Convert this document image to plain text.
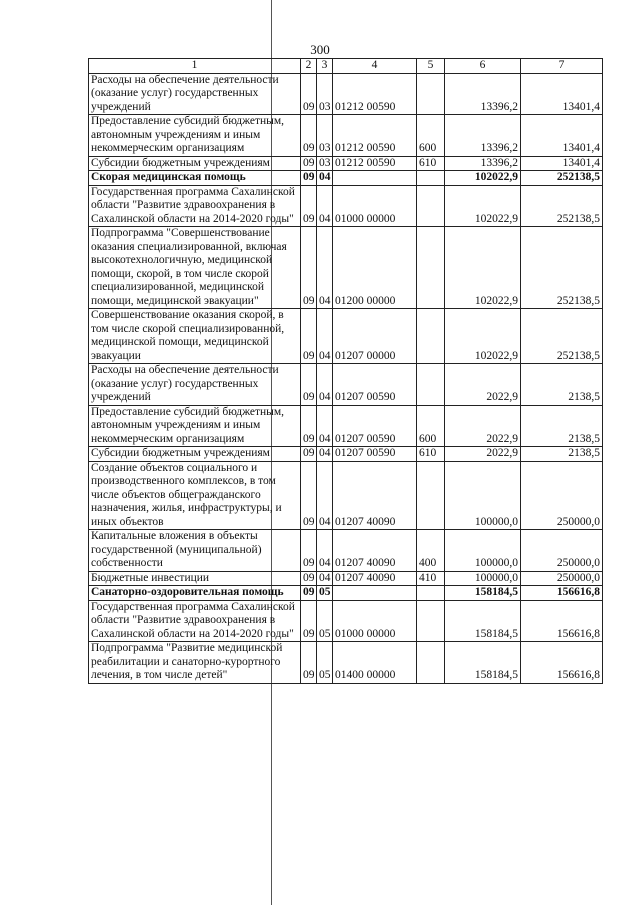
300
1	2	3	4	5	6	7
Расходы на обеспечение деятельности (оказание услуг) государственных учреждений	09	03	01212 00590		13396,2	13401,4
Предоставление субсидий бюджетным, автономным учреждениям и иным некоммерческим организациям	09	03	01212 00590	600	13396,2	13401,4
Субсидии бюджетным учреждениям	09	03	01212 00590	610	13396,2	13401,4
Скорая медицинская помощь	09	04			102022,9	252138,5
Государственная программа Сахалинской области "Развитие здравоохранения в Сахалинской области на 2014-2020 годы"	09	04	01000 00000		102022,9	252138,5
Подпрограмма "Совершенствование оказания специализированной, включая высокотехнологичную, медицинской помощи, скорой, в том числе скорой специализированной, медицинской помощи, медицинской эвакуации"	09	04	01200 00000		102022,9	252138,5
Совершенствование оказания скорой, в том числе скорой специализированной, медицинской помощи, медицинской эвакуации	09	04	01207 00000		102022,9	252138,5
Расходы на обеспечение деятельности (оказание услуг) государственных учреждений	09	04	01207 00590		2022,9	2138,5
Предоставление субсидий бюджетным, автономным учреждениям и иным некоммерческим организациям	09	04	01207 00590	600	2022,9	2138,5
Субсидии бюджетным учреждениям	09	04	01207 00590	610	2022,9	2138,5
Создание объектов социального и производственного комплексов, в том числе объектов общегражданского назначения, жилья, инфраструктуры, и иных объектов	09	04	01207 40090		100000,0	250000,0
Капитальные вложения в объекты государственной (муниципальной) собственности	09	04	01207 40090	400	100000,0	250000,0
Бюджетные инвестиции	09	04	01207 40090	410	100000,0	250000,0
Санаторно-оздоровительная помощь	09	05			158184,5	156616,8
Государственная программа Сахалинской области "Развитие здравоохранения в Сахалинской области на 2014-2020 годы"	09	05	01000 00000		158184,5	156616,8
Подпрограмма "Развитие медицинской реабилитации и санаторно-курортного лечения, в том числе детей"	09	05	01400 00000		158184,5	156616,8
